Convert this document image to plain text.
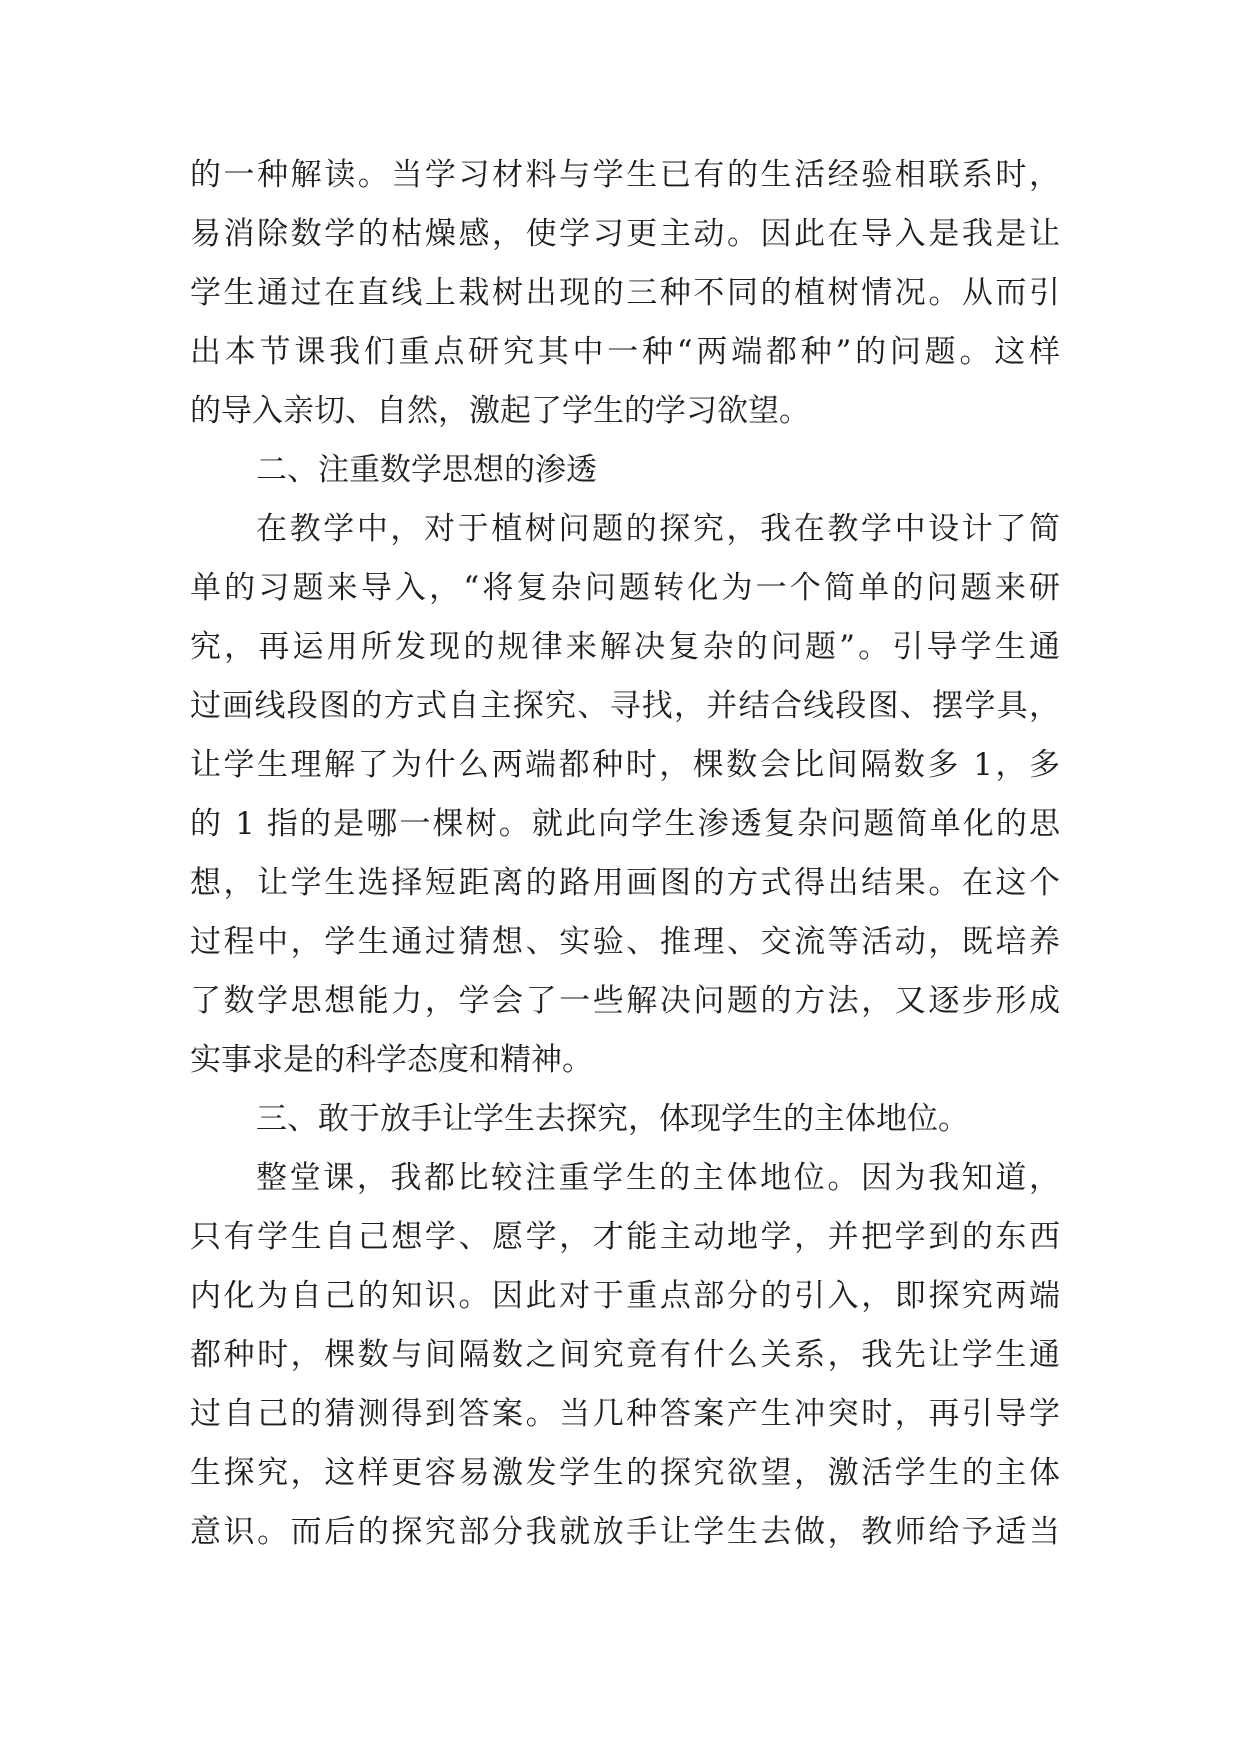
的一种解读。当学习材料与学生已有的生活经验相联系时，
易消除数学的枯燥感，使学习更主动。因此在导入是我是让
学生通过在直线上栽树出现的三种不同的植树情况。从而引
出本节课我们重点研究其中一种“两端都种”的问题。这样
的导入亲切、自然，激起了学生的学习欲望。
二、注重数学思想的渗透
在教学中，对于植树问题的探究，我在教学中设计了简
单的习题来导入，“将复杂问题转化为一个简单的问题来研
究，再运用所发现的规律来解决复杂的问题”。引导学生通
过画线段图的方式自主探究、寻找，并结合线段图、摆学具，
让学生理解了为什么两端都种时，棵数会比间隔数多 1，多
的 1 指的是哪一棵树。就此向学生渗透复杂问题简单化的思
想，让学生选择短距离的路用画图的方式得出结果。在这个
过程中，学生通过猜想、实验、推理、交流等活动，既培养
了数学思想能力，学会了一些解决问题的方法，又逐步形成
实事求是的科学态度和精神。
三、敢于放手让学生去探究，体现学生的主体地位。
整堂课，我都比较注重学生的主体地位。因为我知道，
只有学生自己想学、愿学，才能主动地学，并把学到的东西
内化为自己的知识。因此对于重点部分的引入，即探究两端
都种时，棵数与间隔数之间究竟有什么关系，我先让学生通
过自己的猜测得到答案。当几种答案产生冲突时，再引导学
生探究，这样更容易激发学生的探究欲望，激活学生的主体
意识。而后的探究部分我就放手让学生去做，教师给予适当
